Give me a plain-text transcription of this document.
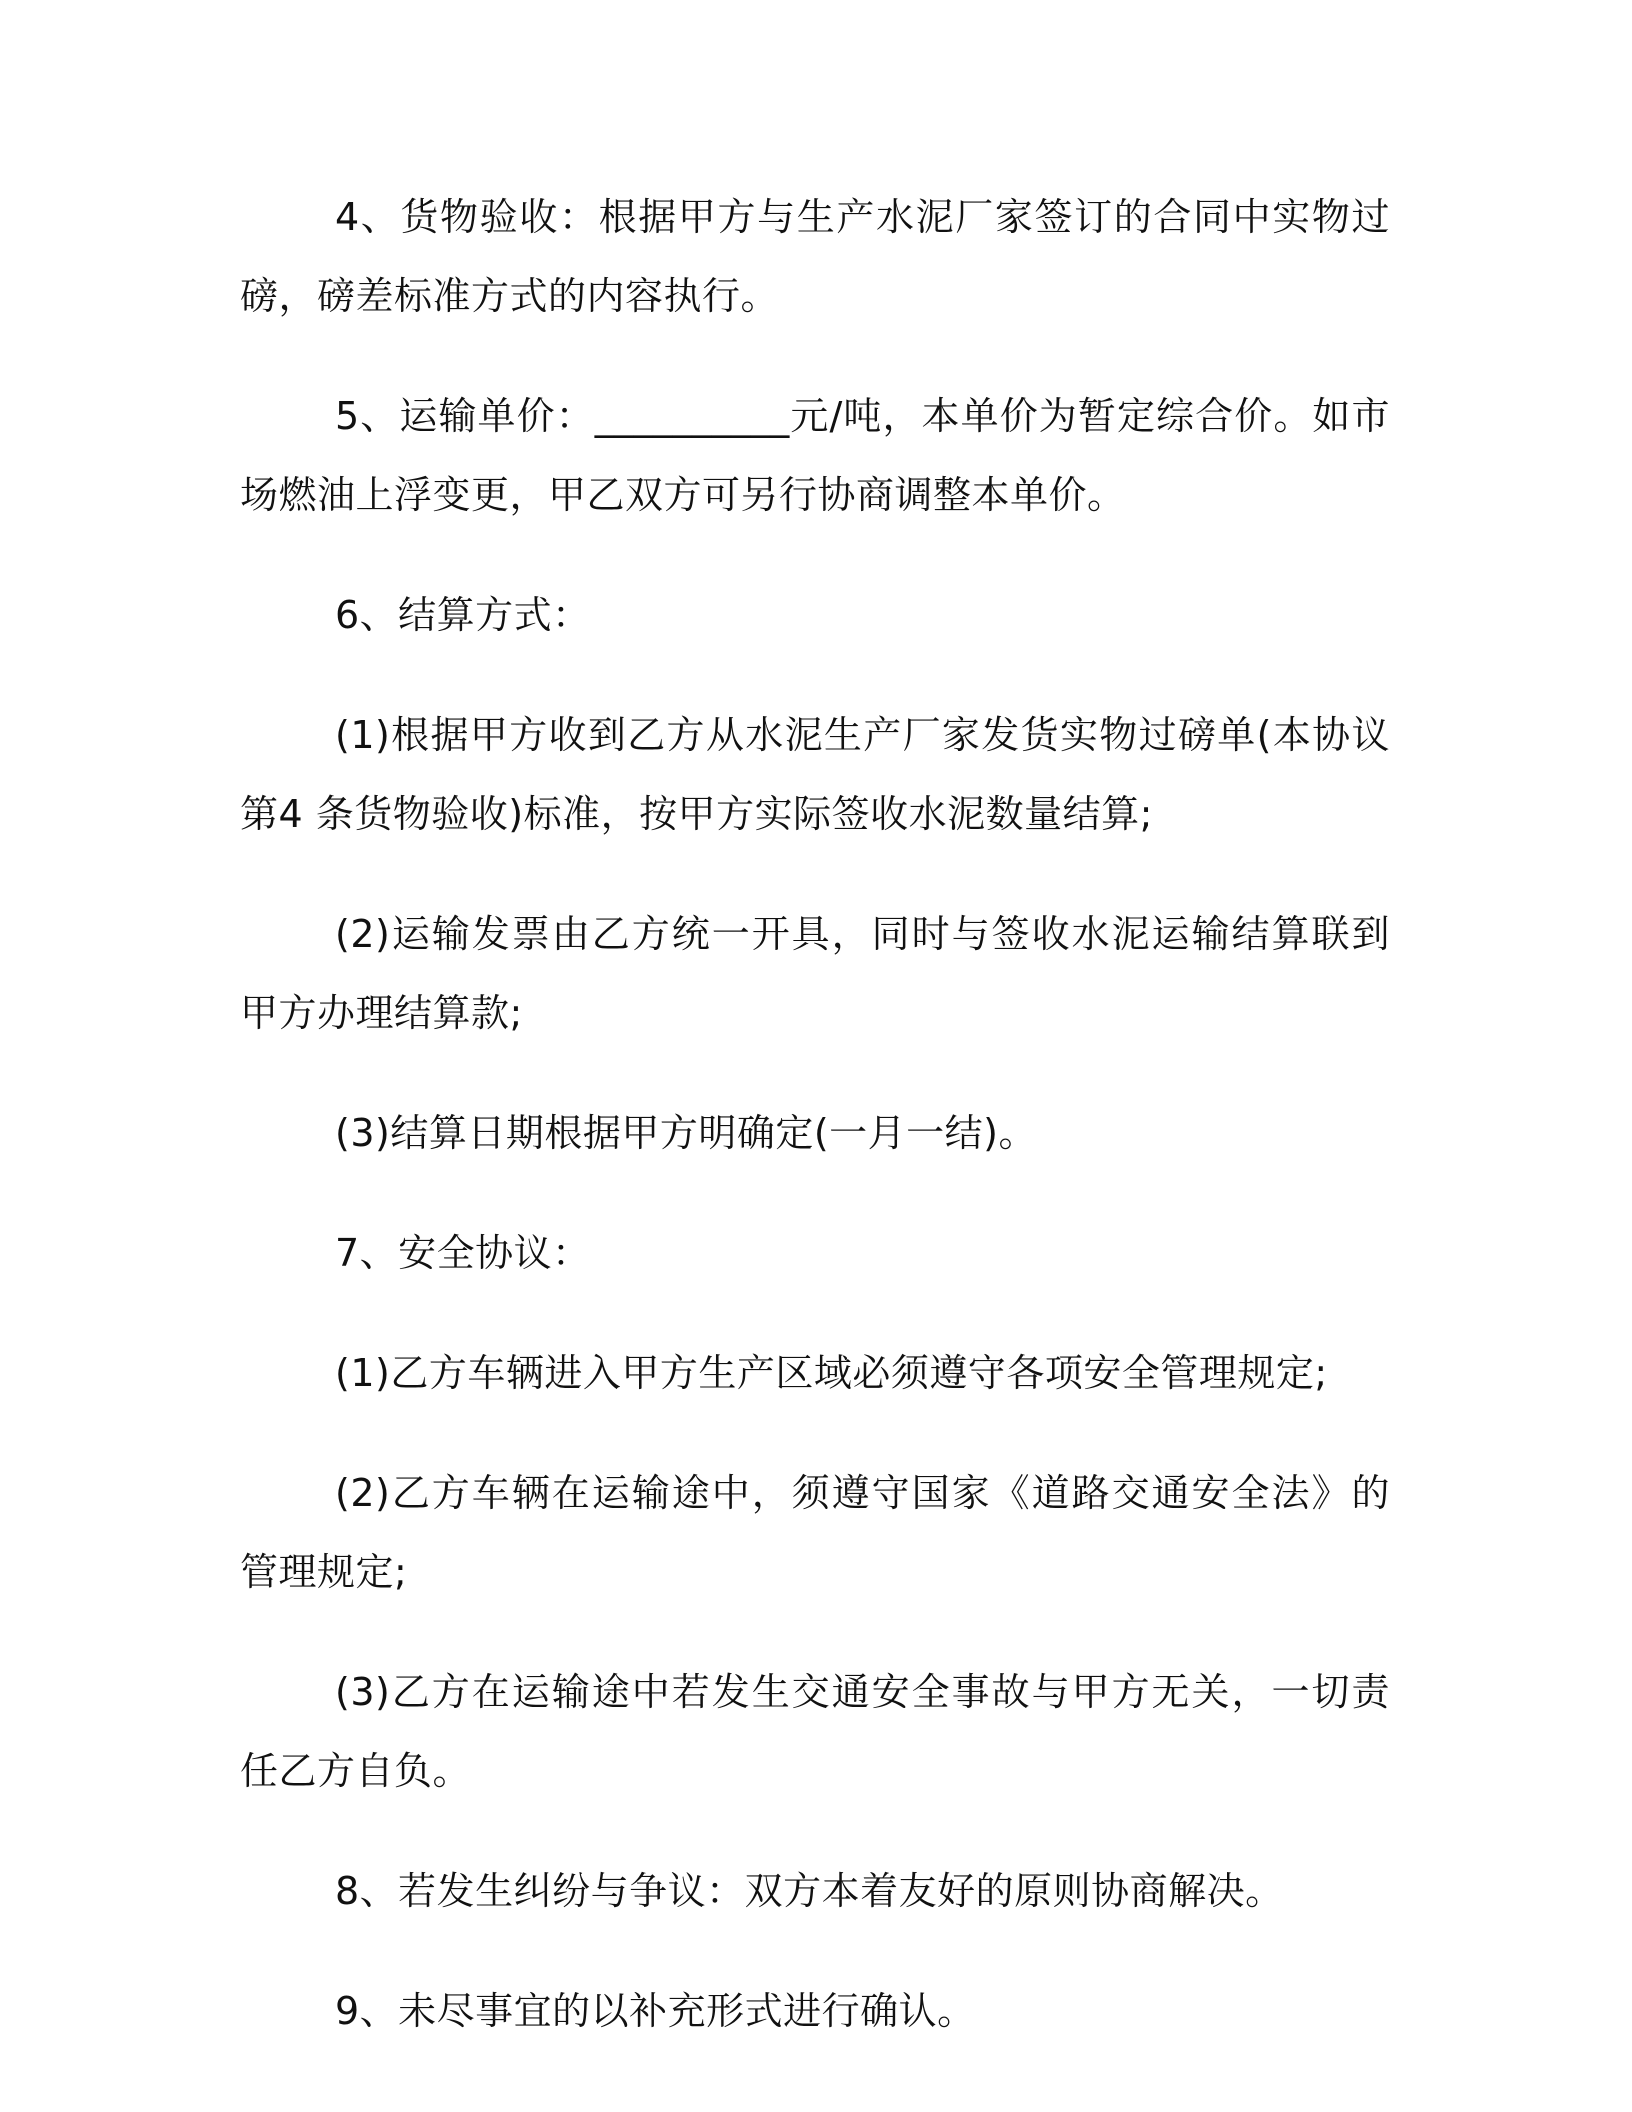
4、货物验收：根据甲方与生产水泥厂家签订的合同中实物过磅，磅差标准方式的内容执行。

5、运输单价：__________元/吨，本单价为暂定综合价。如市场燃油上浮变更，甲乙双方可另行协商调整本单价。

6、结算方式：

(1)根据甲方收到乙方从水泥生产厂家发货实物过磅单(本协议第4 条货物验收)标准，按甲方实际签收水泥数量结算;

(2)运输发票由乙方统一开具，同时与签收水泥运输结算联到甲方办理结算款;

(3)结算日期根据甲方明确定(一月一结)。

7、安全协议：

(1)乙方车辆进入甲方生产区域必须遵守各项安全管理规定;

(2)乙方车辆在运输途中，须遵守国家《道路交通安全法》的管理规定;

(3)乙方在运输途中若发生交通安全事故与甲方无关，一切责任乙方自负。

8、若发生纠纷与争议：双方本着友好的原则协商解决。

9、未尽事宜的以补充形式进行确认。
